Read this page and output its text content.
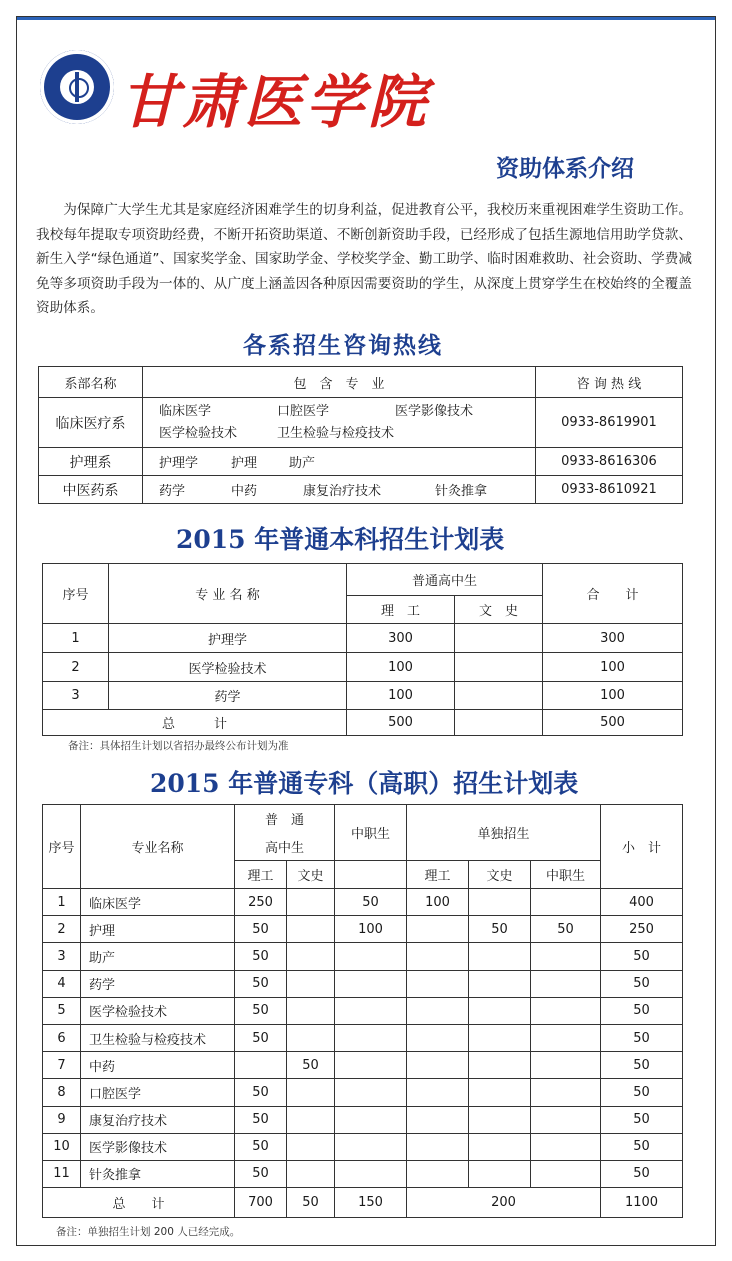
甘肃医学院
资助体系介绍
为保障广大学生尤其是家庭经济困难学生的切身利益，促进教育公平，我校历来重视困难学生资助工作。我校每年提取专项资助经费，不断开拓资助渠道、不断创新资助手段，已经形成了包括生源地信用助学贷款、新生入学“绿色通道”、国家奖学金、国家助学金、学校奖学金、勤工助学、临时困难救助、社会资助、学费减免等多项资助手段为一体的、从广度上涵盖因各种原因需要资助的学生，从深度上贯穿学生在校始终的全覆盖资助体系。
各系招生咨询热线
系部名称	包　含　专　业	咨 询 热 线
临床医疗系	临床医学 口腔医学 医学影像技术
医学检验技术 卫生检验与检疫技术	0933-8619901
护理系	护理学 护理 助产	0933-8616306
中医药系	药学 中药 康复治疗技术 针灸推拿	0933-8610921
2015 年普通本科招生计划表
序号	专 业 名 称	普通高中生		合　　计
		理　工	文　史	
1	护理学	300		300
2	医学检验技术	100		100
3	药学	100		100
总　　　计		500		500
备注：具体招生计划以省招办最终公布计划为准
2015 年普通专科（高职）招生计划表
序号	专业名称	普　通		中职生	单独招生			小　计
		高中生						
		理工	文史		理工	文史	中职生	
1	临床医学	250		50	100			400
2	护理	50		100		50	50	250
3	助产	50						50
4	药学	50						50
5	医学检验技术	50						50
6	卫生检验与检疫技术	50						50
7	中药		50					50
8	口腔医学	50						50
9	康复治疗技术	50						50
10	医学影像技术	50						50
11	针灸推拿	50						50
总　　计		700	50	150	200			1100
备注：单独招生计划 200 人已经完成。
